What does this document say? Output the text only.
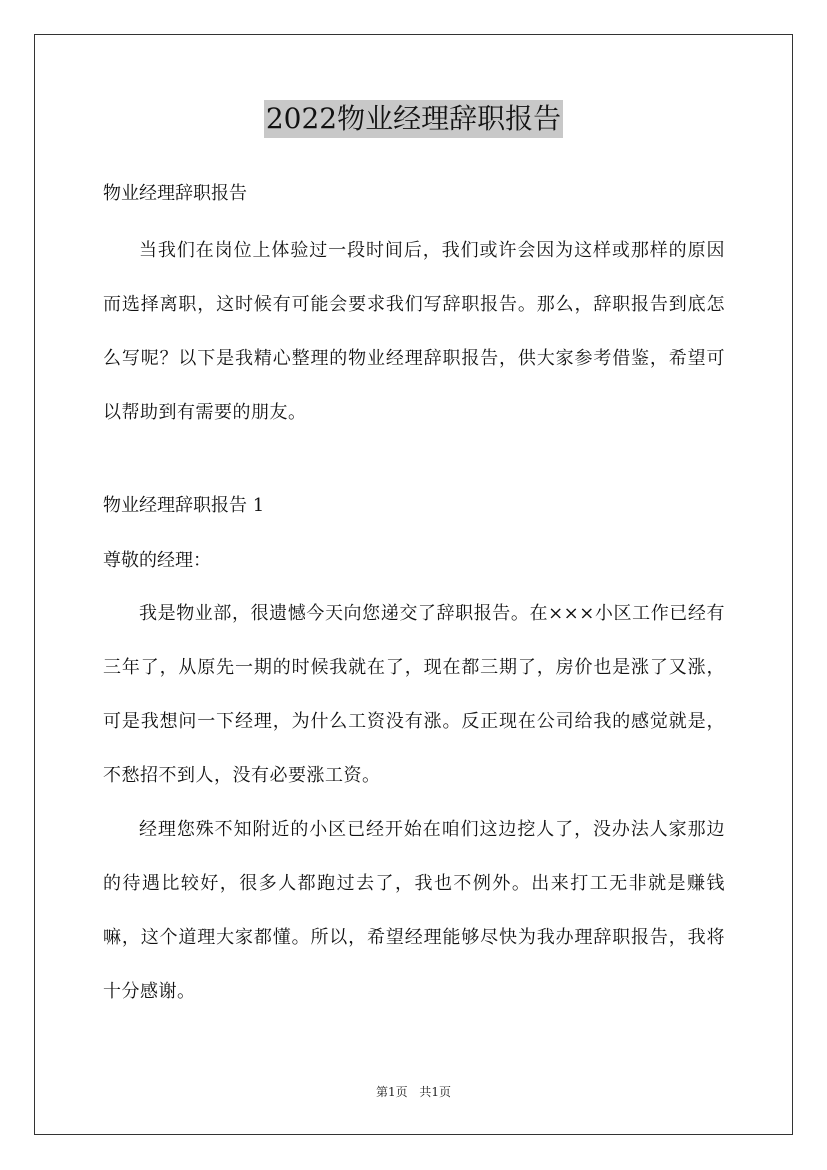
2022物业经理辞职报告

物业经理辞职报告

当我们在岗位上体验过一段时间后，我们或许会因为这样或那样的原因而选择离职，这时候有可能会要求我们写辞职报告。那么，辞职报告到底怎么写呢？以下是我精心整理的物业经理辞职报告，供大家参考借鉴，希望可以帮助到有需要的朋友。

物业经理辞职报告 1

尊敬的经理：

我是物业部，很遗憾今天向您递交了辞职报告。在×××小区工作已经有三年了，从原先一期的时候我就在了，现在都三期了，房价也是涨了又涨，可是我想问一下经理，为什么工资没有涨。反正现在公司给我的感觉就是，不愁招不到人，没有必要涨工资。

经理您殊不知附近的小区已经开始在咱们这边挖人了，没办法人家那边的待遇比较好，很多人都跑过去了，我也不例外。出来打工无非就是赚钱嘛，这个道理大家都懂。所以，希望经理能够尽快为我办理辞职报告，我将十分感谢。

第1页 共1页
